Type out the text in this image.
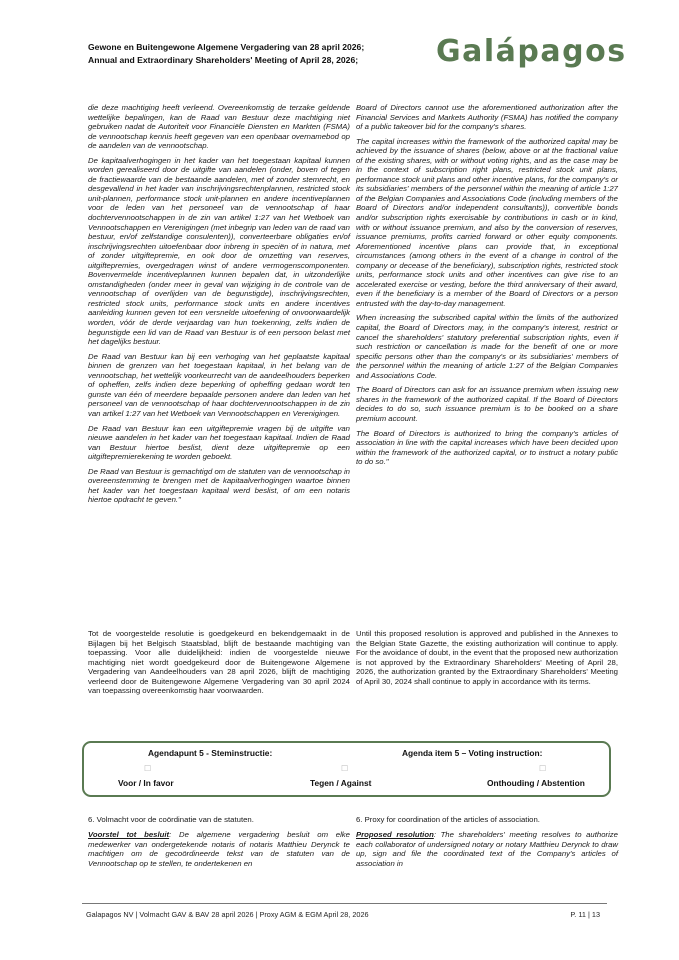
Gewone en Buitengewone Algemene Vergadering van 28 april 2026;
Annual and Extraordinary Shareholders' Meeting of April 28, 2026;	Galápagos

die deze machtiging heeft verleend. Overeenkomstig de terzake geldende wettelijke bepalingen, kan de Raad van Bestuur deze machtiging niet gebruiken nadat de Autoriteit voor Financiële Diensten en Markten (FSMA) de vennootschap kennis heeft gegeven van een openbaar overnamebod op de aandelen van de vennootschap.

De kapitaalverhogingen in het kader van het toegestaan kapitaal kunnen worden gerealiseerd door de uitgifte van aandelen (onder, boven of tegen de fractiewaarde van de bestaande aandelen, met of zonder stemrecht, en desgevallend in het kader van inschrijvingsrechtenplannen, restricted stock unit-plannen, performance stock unit-plannen en andere incentiveplannen voor de leden van het personeel van de vennootschap of haar dochtervennootschappen in de zin van artikel 1:27 van het Wetboek van Vennootschappen en Verenigingen (met inbegrip van leden van de raad van bestuur, en/of zelfstandige consulenten)), converteerbare obligaties en/of inschrijvingsrechten uitoefenbaar door inbreng in speciën of in natura, met of zonder uitgiftepremie, en ook door de omzetting van reserves, uitgiftepremies, overgedragen winst of andere vermogenscomponenten. Bovenvermelde incentiveplannen kunnen bepalen dat, in uitzonderlijke omstandigheden (onder meer in geval van wijziging in de controle van de vennootschap of overlijden van de begunstigde), inschrijvingsrechten, restricted stock units, performance stock units en andere incentives aanleiding kunnen geven tot een versnelde uitoefening of onvoorwaardelijk worden, vóór de derde verjaardag van hun toekenning, zelfs indien de begunstigde een lid van de Raad van Bestuur is of een persoon belast met het dagelijks bestuur.

De Raad van Bestuur kan bij een verhoging van het geplaatste kapitaal binnen de grenzen van het toegestaan kapitaal, in het belang van de vennootschap, het wettelijk voorkeurrecht van de aandeelhouders beperken of opheffen, zelfs indien deze beperking of opheffing gedaan wordt ten gunste van één of meerdere bepaalde personen andere dan leden van het personeel van de vennootschap of haar dochtervennootschappen in de zin van artikel 1:27 van het Wetboek van Vennootschappen en Verenigingen.

De Raad van Bestuur kan een uitgiftepremie vragen bij de uitgifte van nieuwe aandelen in het kader van het toegestaan kapitaal. Indien de Raad van Bestuur hiertoe beslist, dient deze uitgiftepremie op een uitgiftepremierekening te worden geboekt.

De Raad van Bestuur is gemachtigd om de statuten van de vennootschap in overeenstemming te brengen met de kapitaalverhogingen waartoe binnen het kader van het toegestaan kapitaal werd beslist, of om een notaris hiertoe opdracht te geven."

Tot de voorgestelde resolutie is goedgekeurd en bekendgemaakt in de Bijlagen bij het Belgisch Staatsblad, blijft de bestaande machtiging van toepassing. Voor alle duidelijkheid: indien de voorgestelde nieuwe machtiging niet wordt goedgekeurd door de Buitengewone Algemene Vergadering van Aandeelhouders van 28 april 2026, blijft de machtiging verleend door de Buitengewone Algemene Vergadering van 30 april 2024 van toepassing overeenkomstig haar voorwaarden.

Board of Directors cannot use the aforementioned authorization after the Financial Services and Markets Authority (FSMA) has notified the company of a public takeover bid for the company's shares.

The capital increases within the framework of the authorized capital may be achieved by the issuance of shares (below, above or at the fractional value of the existing shares, with or without voting rights, and as the case may be in the context of subscription right plans, restricted stock unit plans, performance stock unit plans and other incentive plans, for the company's or its subsidiaries' members of the personnel within the meaning of article 1:27 of the Belgian Companies and Associations Code (including members of the Board of Directors and/or independent consultants)), convertible bonds and/or subscription rights exercisable by contributions in cash or in kind, with or without issuance premium, and also by the conversion of reserves, issuance premiums, profits carried forward or other equity components. Aforementioned incentive plans can provide that, in exceptional circumstances (among others in the event of a change in control of the company or decease of the beneficiary), subscription rights, restricted stock units, performance stock units and other incentives can give rise to an accelerated exercise or vesting, before the third anniversary of their award, even if the beneficiary is a member of the Board of Directors or a person entrusted with the day-to-day management.

When increasing the subscribed capital within the limits of the authorized capital, the Board of Directors may, in the company's interest, restrict or cancel the shareholders' statutory preferential subscription rights, even if such restriction or cancellation is made for the benefit of one or more specific persons other than the company's or its subsidiaries' members of the personnel within the meaning of article 1:27 of the Belgian Companies and Associations Code.

The Board of Directors can ask for an issuance premium when issuing new shares in the framework of the authorized capital. If the Board of Directors decides to do so, such issuance premium is to be booked on a share premium account.

The Board of Directors is authorized to bring the company's articles of association in line with the capital increases which have been decided upon within the framework of the authorized capital, or to instruct a notary public to do so."

Until this proposed resolution is approved and published in the Annexes to the Belgian State Gazette, the existing authorization will continue to apply. For the avoidance of doubt, in the event that the proposed new authorization is not approved by the Extraordinary Shareholders' Meeting of April 28, 2026, the authorization granted by the Extraordinary Shareholders' Meeting of April 30, 2024 shall continue to apply in accordance with its terms.

Agendapunt 5 - Steminstructie:	Agenda item 5 – Voting instruction:
☐	☐	☐
Voor / In favor	Tegen / Against	Onthouding / Abstention
6. Volmacht voor de coördinatie van de statuten.	6. Proxy for coordination of the articles of association.
Voorstel tot besluit: De algemene vergadering besluit om elke medewerker van ondergetekende notaris of notaris Matthieu Derynck te machtigen om de gecoördineerde tekst van de statuten van de Vennootschap op te stellen, te ondertekenen en
Proposed resolution: The shareholders' meeting resolves to authorize each collaborator of undersigned notary or notary Matthieu Derynck to draw up, sign and file the coordinated text of the Company's articles of association in
Galapagos NV | Volmacht GAV & BAV 28 april 2026 | Proxy AGM & EGM April 28, 2026	P. 11 | 13
